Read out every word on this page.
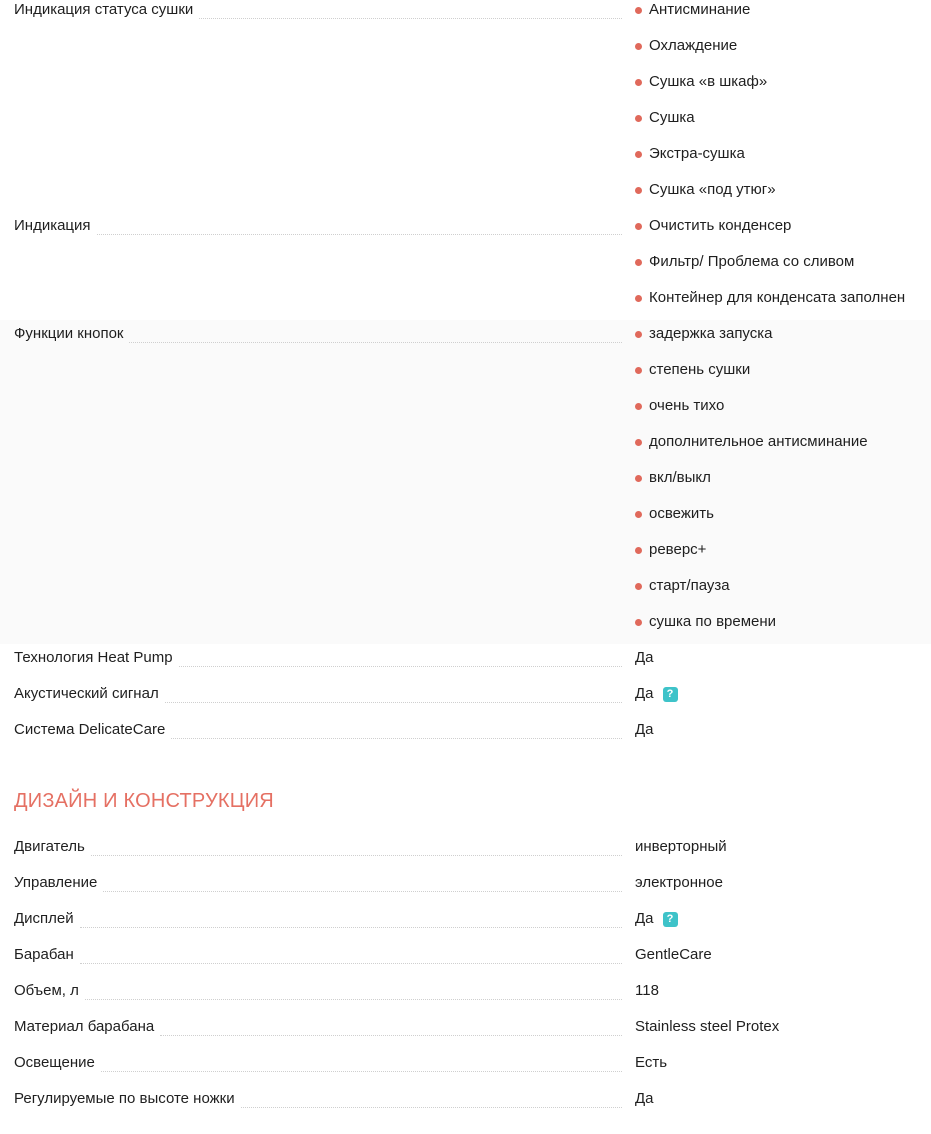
Индикация статуса сушки	Антисминание
Охлаждение
Сушка «в шкаф»
Сушка
Экстра-сушка
Сушка «под утюг»
Индикация	Очистить конденсер
Фильтр/ Проблема со сливом
Контейнер для конденсата заполнен
Функции кнопок	задержка запуска
степень сушки
очень тихо
дополнительное антисминание
вкл/выкл
освежить
реверс+
старт/пауза
сушка по времени
Технология Heat Pump	Да
Акустический сигнал	Да	?
Система DelicateCare	Да
ДИЗАЙН И КОНСТРУКЦИЯ
Двигатель	инверторный
Управление	электронное
Дисплей	Да	?
Барабан	GentleCare
Объем, л	118
Материал барабана	Stainless steel Protex
Освещение	Есть
Регулируемые по высоте ножки	Да
